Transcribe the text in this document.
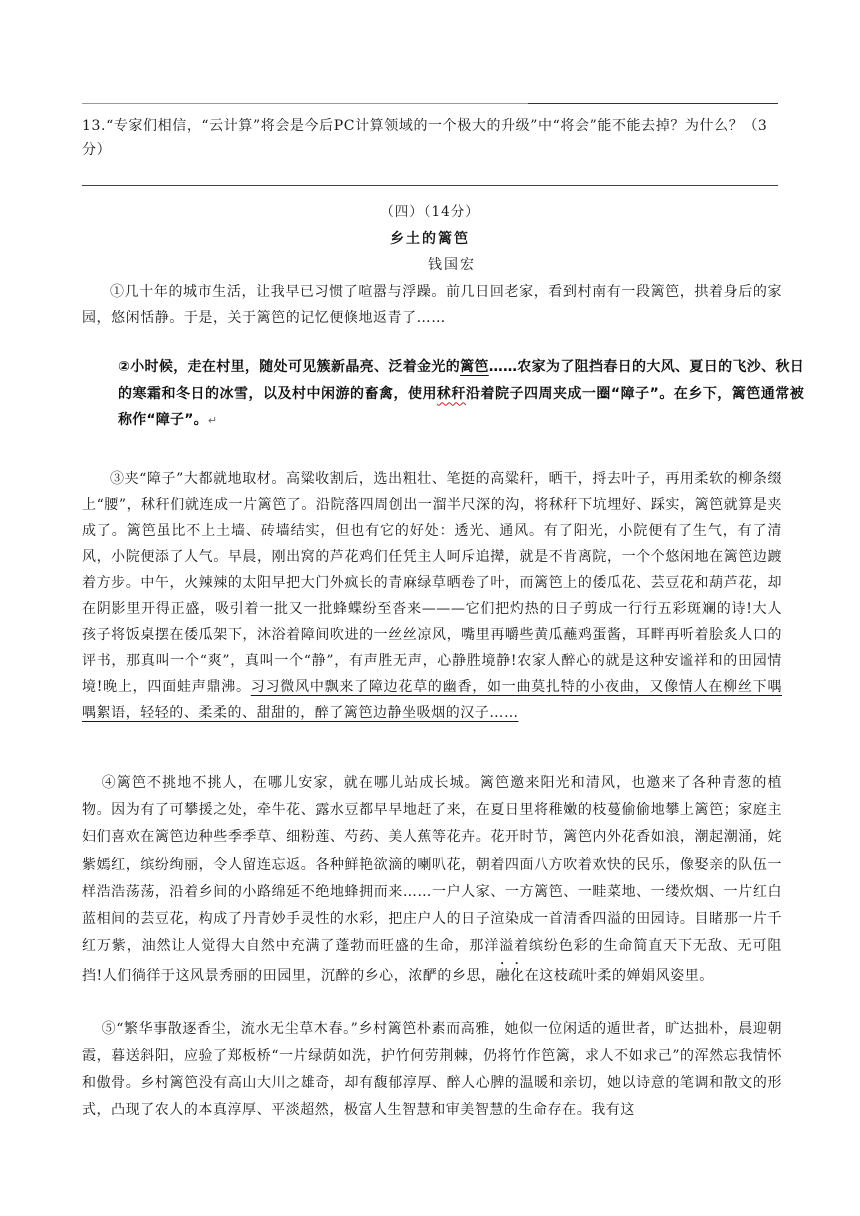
13.“专家们相信，“云计算”将会是今后PC计算领域的一个极大的升级”中“将会”能不能去掉？为什么？（3分）
（四）（14分）
乡土的篱笆
钱国宏

①几十年的城市生活，让我早已习惯了喧嚣与浮躁。前几日回老家，看到村南有一段篱笆，拱着身后的家园，悠闲恬静。于是，关于篱笆的记忆便倏地返青了……

②小时候，走在村里，随处可见簇新晶亮、泛着金光的篱笆……农家为了阻挡春日的大风、夏日的飞沙、秋日的寒霜和冬日的冰雪，以及村中闲游的畜禽，使用秫秆沿着院子四周夹成一圈“障子”。在乡下，篱笆通常被称作“障子”。↵

③夹“障子”大都就地取材。高粱收割后，选出粗壮、笔挺的高粱秆，晒干，捋去叶子，再用柔软的柳条缀上“腰”，秫秆们就连成一片篱笆了。沿院落四周创出一溜半尺深的沟，将秫秆下坑埋好、踩实，篱笆就算是夹成了。篱笆虽比不上土墙、砖墙结实，但也有它的好处：透光、通风。有了阳光，小院便有了生气，有了清风，小院便添了人气。早晨，刚出窝的芦花鸡们任凭主人呵斥追撵，就是不肯离院，一个个悠闲地在篱笆边踱着方步。中午，火辣辣的太阳早把大门外疯长的青麻绿草晒卷了叶，而篱笆上的倭瓜花、芸豆花和葫芦花，却在阴影里开得正盛，吸引着一批又一批蜂蝶纷至沓来———它们把灼热的日子剪成一行行五彩斑斓的诗!大人孩子将饭桌摆在倭瓜架下，沐浴着障间吹进的一丝丝凉风，嘴里再嚼些黄瓜蘸鸡蛋酱，耳畔再听着脍炙人口的评书，那真叫一个“爽”，真叫一个“静”，有声胜无声，心静胜境静!农家人醉心的就是这种安谧祥和的田园情境!晚上，四面蛙声鼎沸。习习微风中飘来了障边花草的幽香，如一曲莫扎特的小夜曲，又像情人在柳丝下喁喁絮语，轻轻的、柔柔的、甜甜的，醉了篱笆边静坐吸烟的汉子……

④篱笆不挑地不挑人，在哪儿安家，就在哪儿站成长城。篱笆邀来阳光和清风，也邀来了各种青葱的植物。因为有了可攀援之处，牵牛花、露水豆都早早地赶了来，在夏日里将稚嫩的枝蔓偷偷地攀上篱笆；家庭主妇们喜欢在篱笆边种些季季草、细粉莲、芍药、美人蕉等花卉。花开时节，篱笆内外花香如浪，潮起潮涌，姹紫嫣红，缤纷绚丽，令人留连忘返。各种鲜艳欲滴的喇叭花，朝着四面八方吹着欢快的民乐，像娶亲的队伍一样浩浩荡荡，沿着乡间的小路绵延不绝地蜂拥而来……一户人家、一方篱笆、一畦菜地、一缕炊烟、一片红白蓝相间的芸豆花，构成了丹青妙手灵性的水彩，把庄户人的日子渲染成一首清香四溢的田园诗。目睹那一片千红万紫，油然让人觉得大自然中充满了蓬勃而旺盛的生命，那洋溢着缤纷色彩的生命简直天下无敌、无可阻挡!人们徜徉于这风景秀丽的田园里，沉醉的乡心，浓酽的乡思，融化在这枝疏叶柔的婵娟风姿里。

⑤“繁华事散逐香尘，流水无尘草木春。”乡村篱笆朴素而高雅，她似一位闲适的遁世者，旷达拙朴，晨迎朝霞，暮送斜阳，应验了郑板桥“一片绿荫如洗，护竹何劳荆棘，仍将竹作笆篱，求人不如求己”的浑然忘我情怀和傲骨。乡村篱笆没有高山大川之雄奇，却有馥郁淳厚、醉人心脾的温暖和亲切，她以诗意的笔调和散文的形式，凸现了农人的本真淳厚、平淡超然，极富人生智慧和审美智慧的生命存在。我有这
